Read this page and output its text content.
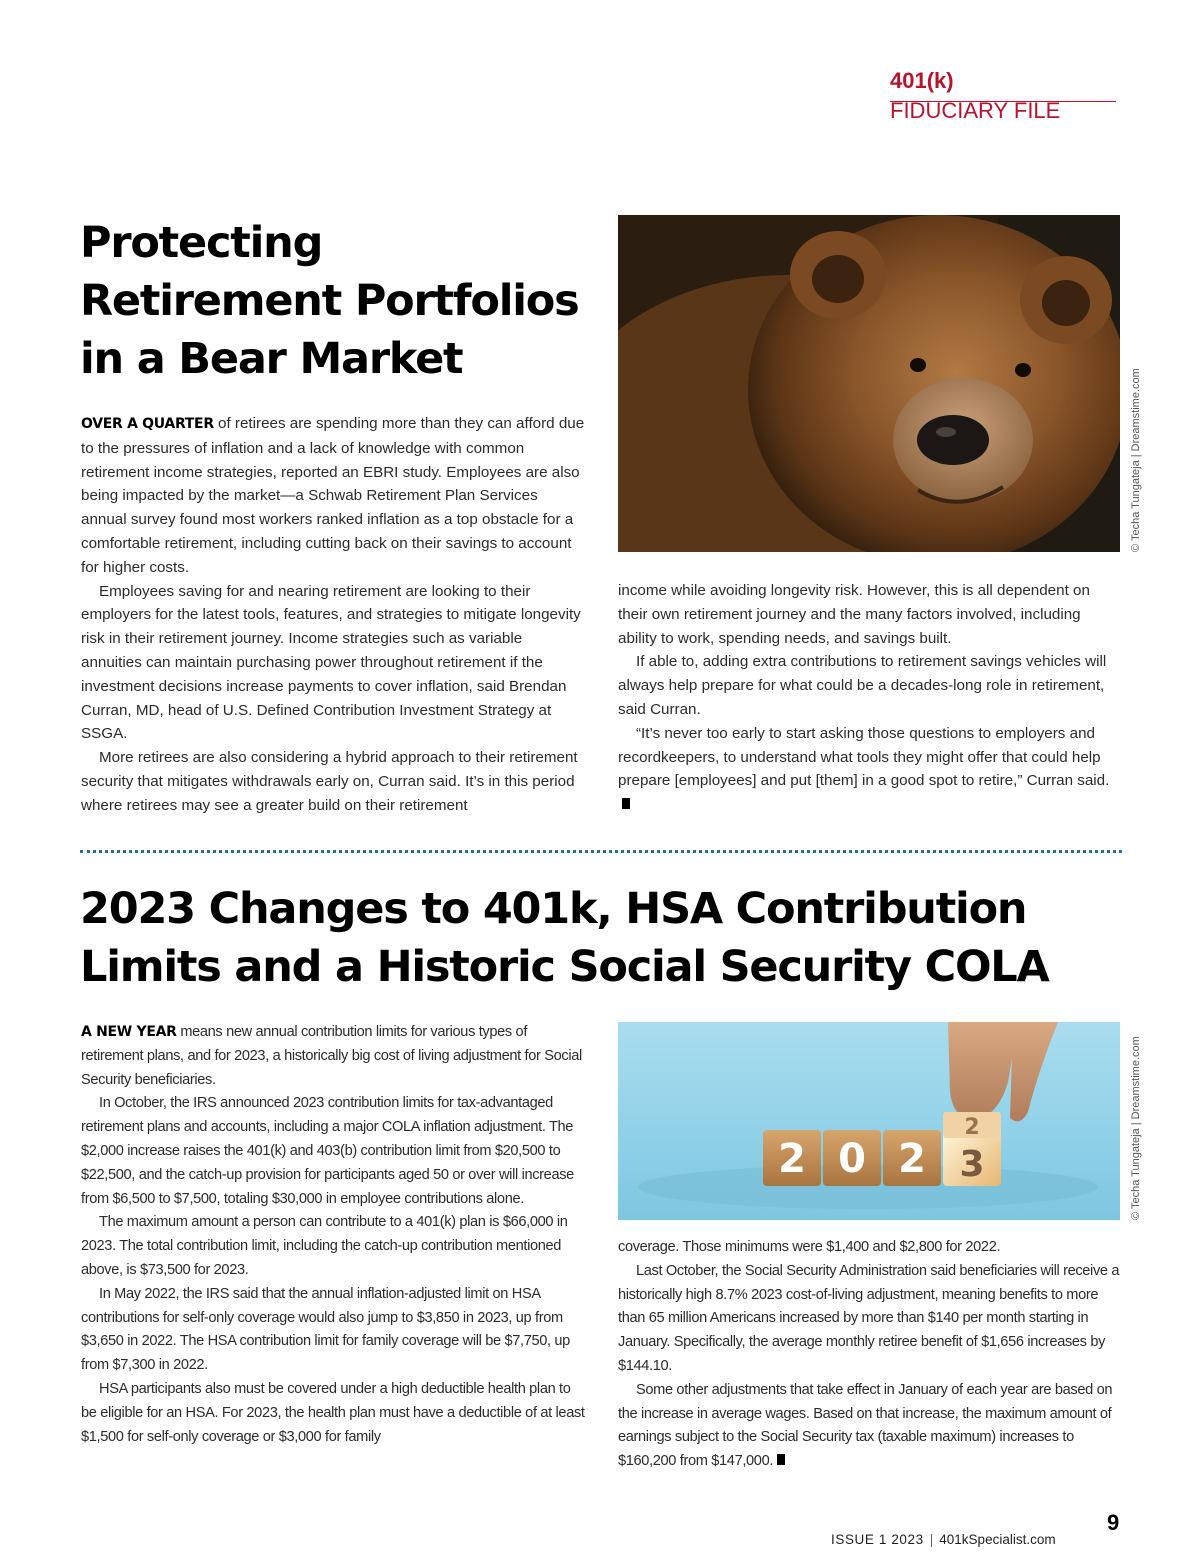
401(k) FIDUCIARY FILE
Protecting
Retirement Portfolios
in a Bear Market
© Techa Tungateja | Dreamstime.com

OVER A QUARTER of retirees are spending more than they can afford due to the pressures of inflation and a lack of knowledge with common retirement income strategies, reported an EBRI study. Employees are also being impacted by the market—a Schwab Retirement Plan Services annual survey found most workers ranked inflation as a top obstacle for a comfortable retirement, including cutting back on their savings to account for higher costs.

Employees saving for and nearing retirement are looking to their employers for the latest tools, features, and strategies to mitigate longevity risk in their retirement journey. Income strategies such as variable annuities can maintain purchasing power throughout retirement if the investment decisions increase payments to cover inflation, said Brendan Curran, MD, head of U.S. Defined Contribution Investment Strategy at SSGA.

More retirees are also considering a hybrid approach to their retirement security that mitigates withdrawals early on, Curran said. It’s in this period where retirees may see a greater build on their retirement

income while avoiding longevity risk. However, this is all dependent on their own retirement journey and the many factors involved, including ability to work, spending needs, and savings built.

If able to, adding extra contributions to retirement savings vehicles will always help prepare for what could be a decades-long role in retirement, said Curran.

“It’s never too early to start asking those questions to employers and recordkeepers, to understand what tools they might offer that could help prepare [employees] and put [them] in a good spot to retire,” Curran said.

2023 Changes to 401k, HSA Contribution
Limits and a Historic Social Security COLA

A NEW YEAR means new annual contribution limits for various types of retirement plans, and for 2023, a historically big cost of living adjustment for Social Security beneficiaries.

In October, the IRS announced 2023 contribution limits for tax-advantaged retirement plans and accounts, including a major COLA inflation adjustment. The $2,000 increase raises the 401(k) and 403(b) contribution limit from $20,500 to $22,500, and the catch-up provision for participants aged 50 or over will increase from $6,500 to $7,500, totaling $30,000 in employee contributions alone.

The maximum amount a person can contribute to a 401(k) plan is $66,000 in 2023. The total contribution limit, including the catch-up contribution mentioned above, is $73,500 for 2023.

In May 2022, the IRS said that the annual inflation-adjusted limit on HSA contributions for self-only coverage would also jump to $3,850 in 2023, up from $3,650 in 2022. The HSA contribution limit for family coverage will be $7,750, up from $7,300 in 2022.

HSA participants also must be covered under a high deductible health plan to be eligible for an HSA. For 2023, the health plan must have a deductible of at least $1,500 for self-only coverage or $3,000 for family

2 0 2 3
2	© Techa Tungateja | Dreamstime.com

coverage. Those minimums were $1,400 and $2,800 for 2022.

Last October, the Social Security Administration said beneficiaries will receive a historically high 8.7% 2023 cost-of-living adjustment, meaning benefits to more than 65 million Americans increased by more than $140 per month starting in January. Specifically, the average monthly retiree benefit of $1,656 increases by $144.10.

Some other adjustments that take effect in January of each year are based on the increase in average wages. Based on that increase, the maximum amount of earnings subject to the Social Security tax (taxable maximum) increases to $160,200 from $147,000.

ISSUE 1 2023 | 401kSpecialist.com
9
